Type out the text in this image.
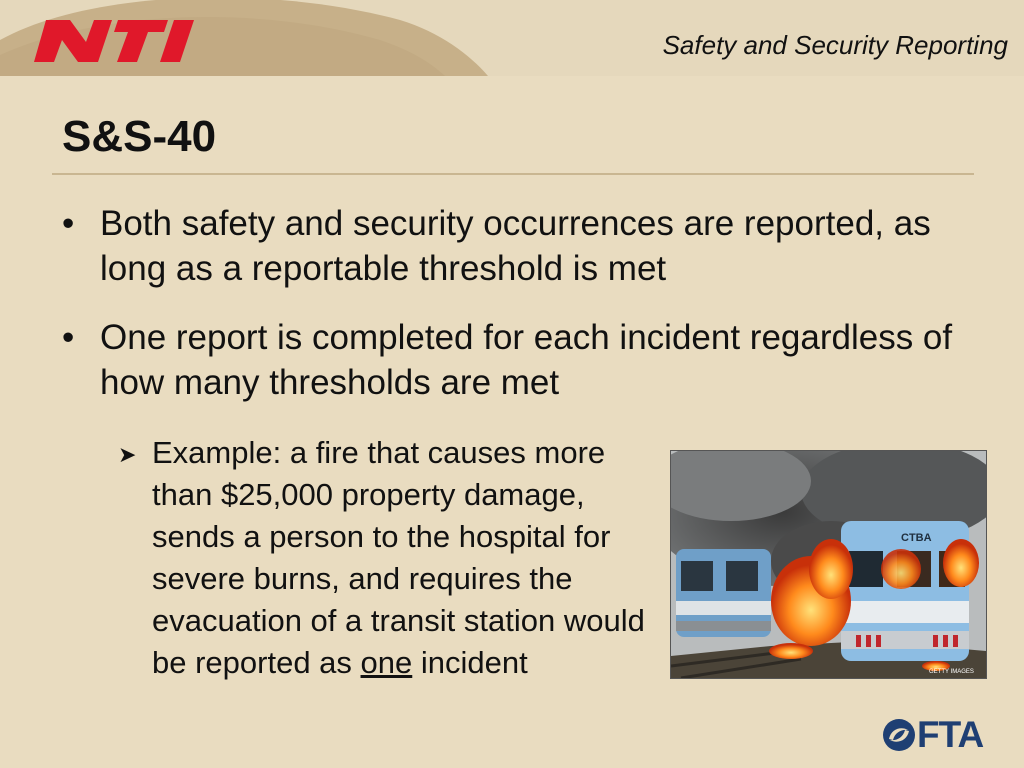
Safety and Security Reporting
S&S-40
• Both safety and security occurrences are reported, as long as a reportable threshold is met
• One report is completed for each incident regardless of how many thresholds are met
➤ Example: a fire that causes more than $25,000 property damage, sends a person to the hospital for severe burns, and requires the evacuation of a transit station would be reported as one incident
CTBA
GETTY IMAGES
FTA
